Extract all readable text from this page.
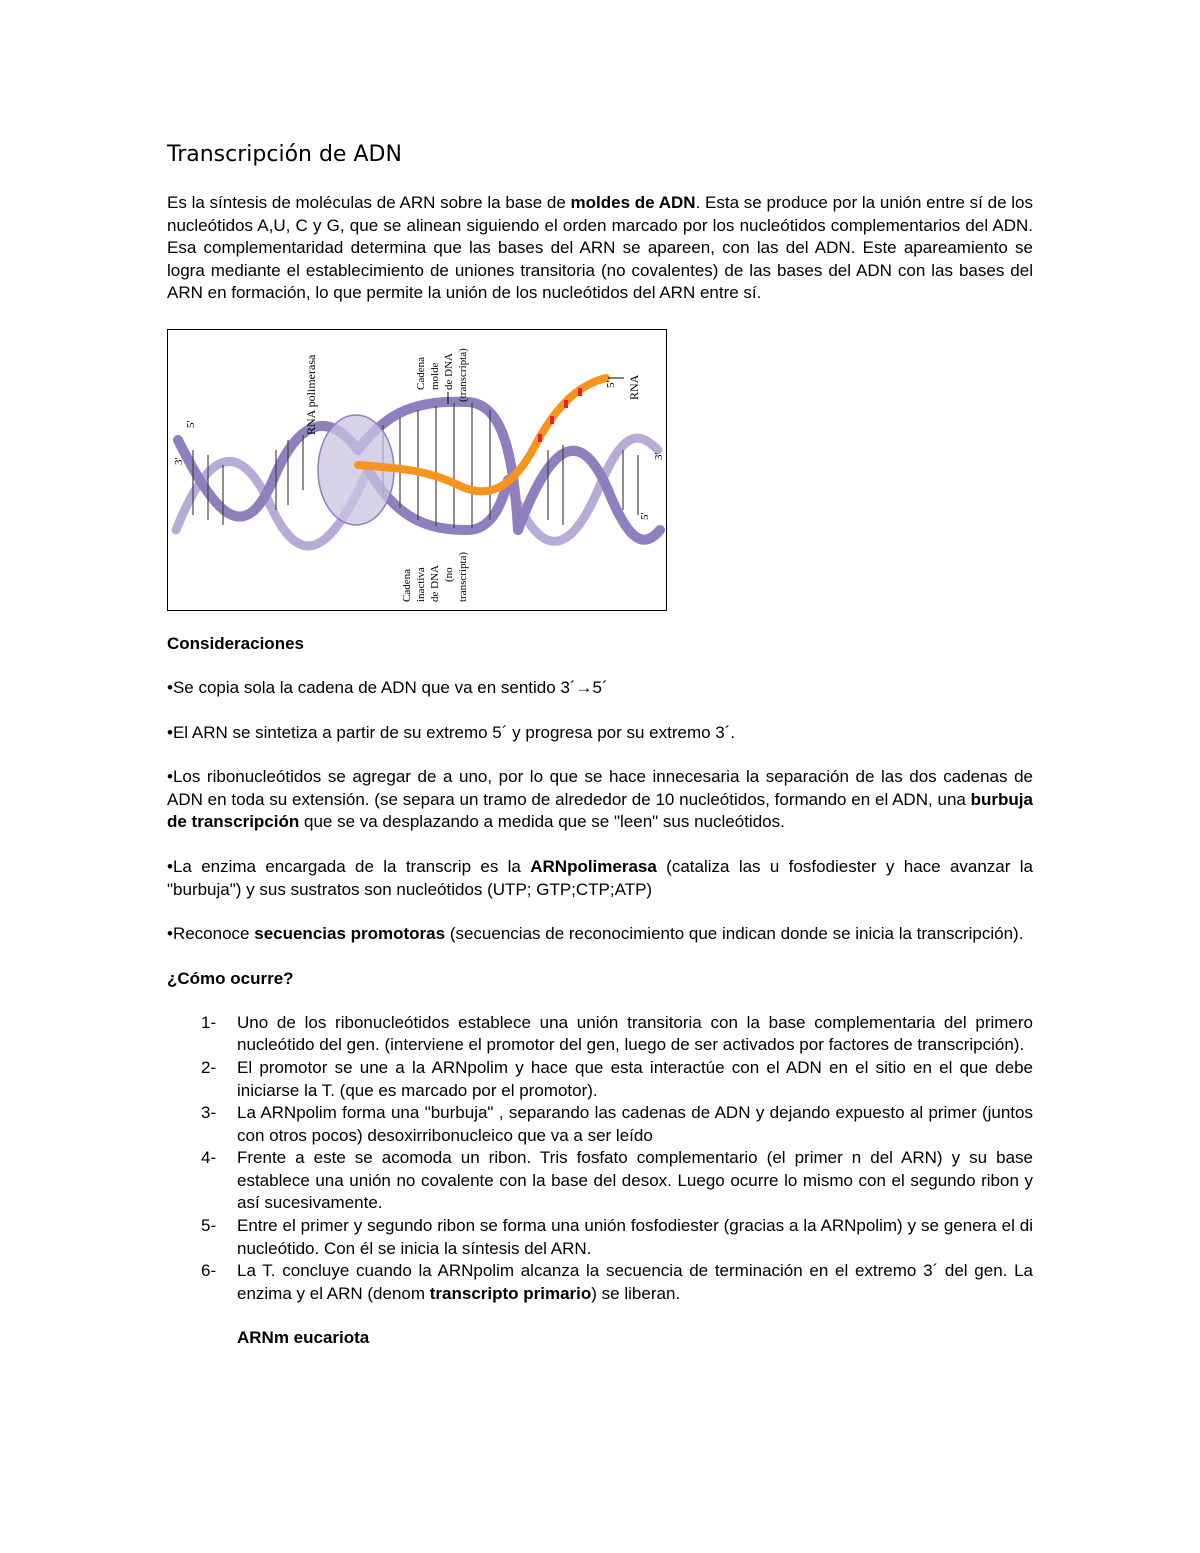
Transcripción de ADN

Es la síntesis de moléculas de ARN sobre la base de moldes de ADN. Esta se produce por la unión entre sí de los nucleótidos A,U, C y G, que se alinean siguiendo el orden marcado por los nucleótidos complementarios del ADN. Esa complementaridad determina que las bases del ARN se apareen, con las del ADN. Este apareamiento se logra mediante el establecimiento de uniones transitoria (no covalentes) de las bases del ADN con las bases del ARN en formación, lo que permite la unión de los nucleótidos del ARN entre sí.

RNA polimerasa	Cadena molde de DNA (transcripta)	RNA
Cadena inactiva de DNA (no transcripta)
3'
5'
5'
3'
5'
Consideraciones

•Se copia sola la cadena de ADN que va en sentido 3´→5´

•El ARN se sintetiza a partir de su extremo 5´ y progresa por su extremo 3´.

•Los ribonucleótidos se agregar de a uno, por lo que se hace innecesaria la separación de las dos cadenas de ADN en toda su extensión. (se separa un tramo de alrededor de 10 nucleótidos, formando en el ADN, una burbuja de transcripción que se va desplazando a medida que se "leen" sus nucleótidos.

•La enzima encargada de la transcrip es la ARNpolimerasa (cataliza las u fosfodiester y hace avanzar la "burbuja") y sus sustratos son nucleótidos (UTP; GTP;CTP;ATP)

•Reconoce secuencias promotoras (secuencias de reconocimiento que indican donde se inicia la transcripción).

¿Cómo ocurre?
1- Uno de los ribonucleótidos establece una unión transitoria con la base complementaria del primero nucleótido del gen. (interviene el promotor del gen, luego de ser activados por factores de transcripción).
2- El promotor se une a la ARNpolim y hace que esta interactúe con el ADN en el sitio en el que debe iniciarse la T. (que es marcado por el promotor).
3- La ARNpolim forma una "burbuja" , separando las cadenas de ADN y dejando expuesto al primer (juntos con otros pocos) desoxirribonucleico que va a ser leído
4- Frente a este se acomoda un ribon. Tris fosfato complementario (el primer n del ARN) y su base establece una unión no covalente con la base del desox. Luego ocurre lo mismo con el segundo ribon y así sucesivamente.
5- Entre el primer y segundo ribon se forma una unión fosfodiester (gracias a la ARNpolim) y se genera el di nucleótido. Con él se inicia la síntesis del ARN.
6- La T. concluye cuando la ARNpolim alcanza la secuencia de terminación en el extremo 3´ del gen. La enzima y el ARN (denom transcripto primario) se liberan.
ARNm eucariota
